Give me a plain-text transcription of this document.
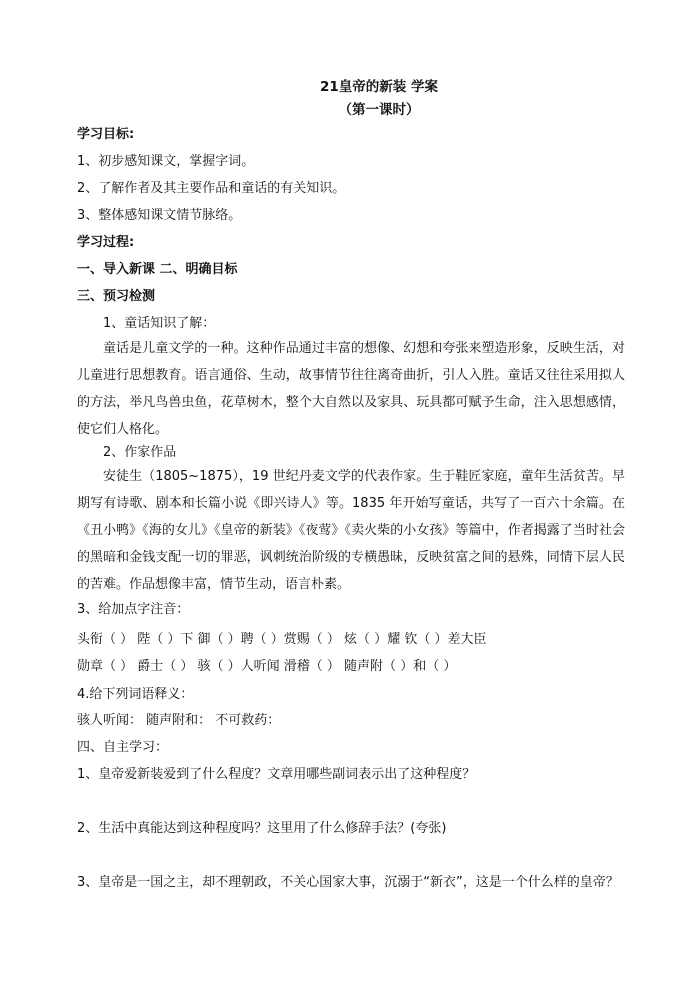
21皇帝的新装 学案
（第一课时）
学习目标:
1、初步感知课文，掌握字词。
2、了解作者及其主要作品和童话的有关知识。
3、整体感知课文情节脉络。
学习过程:
一、导入新课 二、明确目标
三、预习检测
1、童话知识了解：
童话是儿童文学的一种。这种作品通过丰富的想像、幻想和夸张来塑造形象，反映生活，对儿童进行思想教育。语言通俗、生动，故事情节往往离奇曲折，引人入胜。童话又往往采用拟人的方法，举凡鸟兽虫鱼，花草树木，整个大自然以及家具、玩具都可赋予生命，注入思想感情，使它们人格化。
2、作家作品
安徒生（1805~1875），19 世纪丹麦文学的代表作家。生于鞋匠家庭，童年生活贫苦。早期写有诗歌、剧本和长篇小说《即兴诗人》等。1835 年开始写童话，共写了一百六十余篇。在《丑小鸭》《海的女儿》《皇帝的新装》《夜莺》《卖火柴的小女孩》等篇中，作者揭露了当时社会的黑暗和金钱支配一切的罪恶，讽刺统治阶级的专横愚昧，反映贫富之间的悬殊，同情下层人民的苦难。作品想像丰富，情节生动，语言朴素。
3、给加点字注音：
头衔（ ） 陛（ ）下 御（ ）聘（ ）赏赐（ ） 炫（ ）耀 钦（ ）差大臣
勋章（ ） 爵士（ ） 骇（ ）人听闻 滑稽（ ） 随声附（ ）和（ ）
4.给下列词语释义：
骇人听闻： 随声附和： 不可救药：
四、自主学习：
1、皇帝爱新装爱到了什么程度？文章用哪些副词表示出了这种程度？
2、生活中真能达到这种程度吗？这里用了什么修辞手法？(夸张)
3、皇帝是一国之主，却不理朝政，不关心国家大事，沉溺于“新衣”，这是一个什么样的皇帝？
